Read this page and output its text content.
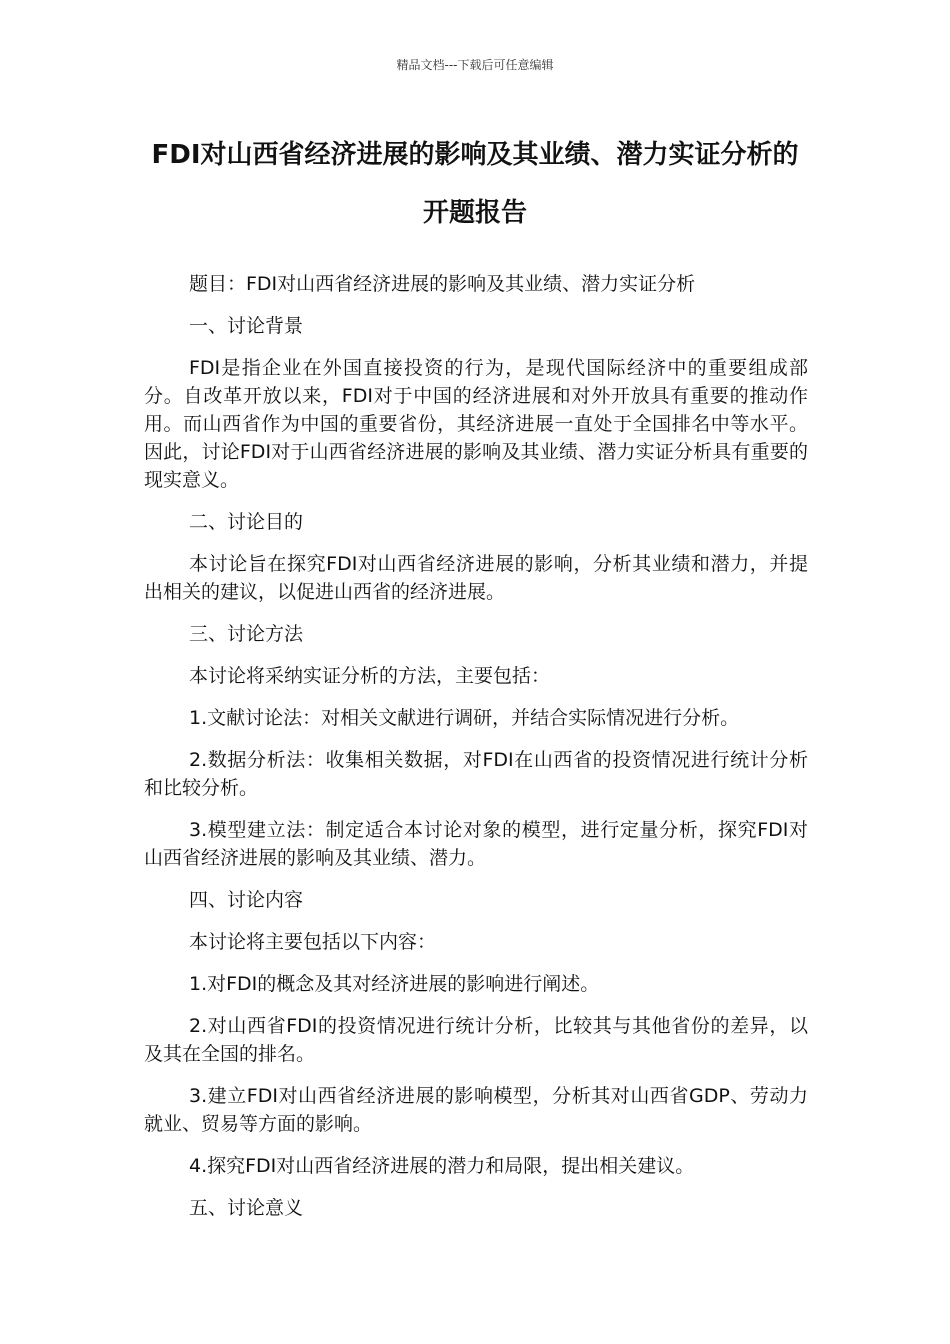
精品文档---下载后可任意编辑
FDI对山西省经济进展的影响及其业绩、潜力实证分析的开题报告

题目：FDI对山西省经济进展的影响及其业绩、潜力实证分析

一、讨论背景

FDI是指企业在外国直接投资的行为，是现代国际经济中的重要组成部分。自改革开放以来，FDI对于中国的经济进展和对外开放具有重要的推动作用。而山西省作为中国的重要省份，其经济进展一直处于全国排名中等水平。因此，讨论FDI对于山西省经济进展的影响及其业绩、潜力实证分析具有重要的现实意义。

二、讨论目的

本讨论旨在探究FDI对山西省经济进展的影响，分析其业绩和潜力，并提出相关的建议，以促进山西省的经济进展。

三、讨论方法

本讨论将采纳实证分析的方法，主要包括：

1.文献讨论法：对相关文献进行调研，并结合实际情况进行分析。

2.数据分析法：收集相关数据，对FDI在山西省的投资情况进行统计分析和比较分析。

3.模型建立法：制定适合本讨论对象的模型，进行定量分析，探究FDI对山西省经济进展的影响及其业绩、潜力。

四、讨论内容

本讨论将主要包括以下内容：

1.对FDI的概念及其对经济进展的影响进行阐述。

2.对山西省FDI的投资情况进行统计分析，比较其与其他省份的差异，以及其在全国的排名。

3.建立FDI对山西省经济进展的影响模型，分析其对山西省GDP、劳动力就业、贸易等方面的影响。

4.探究FDI对山西省经济进展的潜力和局限，提出相关建议。

五、讨论意义
